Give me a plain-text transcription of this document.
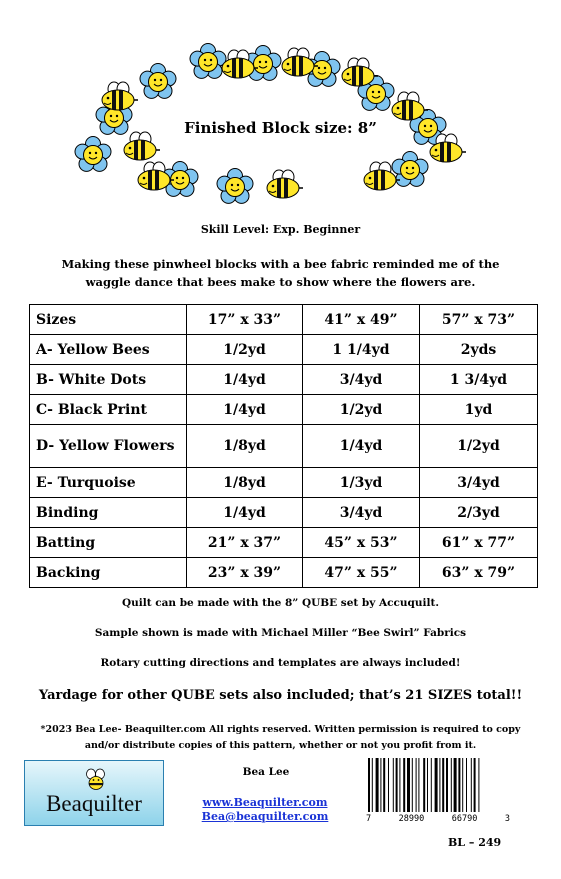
Finished Block size: 8”
Skill Level: Exp. Beginner
Making these pinwheel blocks with a bee fabric reminded me of the
waggle dance that bees make to show where the flowers are.
Sizes	17” x 33”	41” x 49”	57” x 73”
A- Yellow Bees	1/2yd	1 1/4yd	2yds
B- White Dots	1/4yd	3/4yd	1 3/4yd
C- Black Print	1/4yd	1/2yd	1yd
D- Yellow Flowers	1/8yd	1/4yd	1/2yd
E- Turquoise	1/8yd	1/3yd	3/4yd
Binding	1/4yd	3/4yd	2/3yd
Batting	21” x 37”	45” x 53”	61” x 77”
Backing	23” x 39”	47” x 55”	63” x 79”
Quilt can be made with the 8” QUBE set by Accuquilt.
Sample shown is made with Michael Miller “Bee Swirl” Fabrics
Rotary cutting directions and templates are always included!
Yardage for other QUBE sets also included; that’s 21 SIZES total!!
*2023 Bea Lee- Beaquilter.com All rights reserved. Written permission is required to copy
and/or distribute copies of this pattern, whether or not you profit from it.
Beaquilter
Bea Lee
www.Beaquilter.com
Bea@beaquilter.com	7	28990	66790	3
BL – 249
